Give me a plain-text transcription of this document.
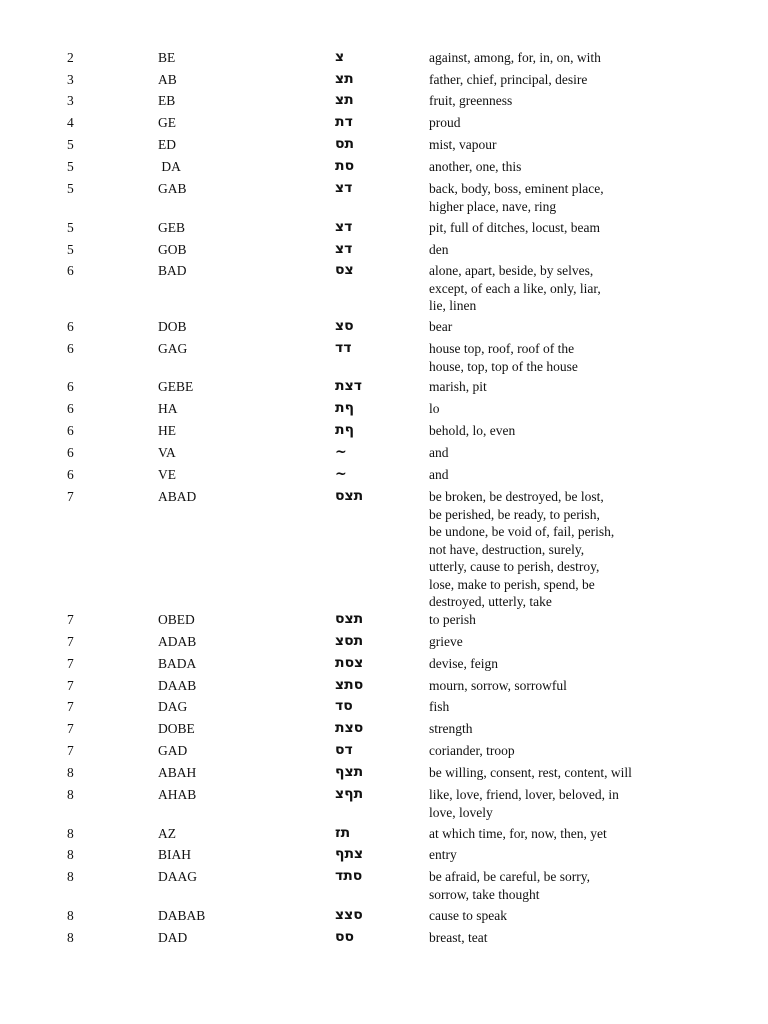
2	BE	צ	against, among, for, in, on, with
3	AB	תצ	father, chief, principal, desire
3	EB	תצ	fruit, greenness
4	GE	דת	proud
5	ED	תס	mist, vapour
5	DA	סת	another, one, this
5	GAB	דצ	back, body, boss, eminent place,
higher place, nave, ring
5	GEB	דצ	pit, full of ditches, locust, beam
5	GOB	דצ	den
6	BAD	צס	alone, apart, beside, by selves,
except, of each a like, only, liar,
lie, linen
6	DOB	סצ	bear
6	GAG	דד	house top, roof, roof of the
house, top, top of the house
6	GEBE	דצת	marish, pit
6	HA	ףת	lo
6	HE	ףת	behold, lo, even
6	VA	~	and
6	VE	~	and
7	ABAD	תצס	be broken, be destroyed, be lost,
be perished, be ready, to perish,
be undone, be void of, fail, perish,
not have, destruction, surely,
utterly, cause to perish, destroy,
lose, make to perish, spend, be
destroyed, utterly, take
7	OBED	תצס	to perish
7	ADAB	תסצ	grieve
7	BADA	צסת	devise, feign
7	DAAB	סתצ	mourn, sorrow, sorrowful
7	DAG	סד	fish
7	DOBE	סצת	strength
7	GAD	דס	coriander, troop
8	ABAH	תצף	be willing, consent, rest, content, will
8	AHAB	תףצ	like, love, friend, lover, beloved, in
love, lovely
8	AZ	תז	at which time, for, now, then, yet
8	BIAH	צתף	entry
8	DAAG	סתד	be afraid, be careful, be sorry,
sorrow, take thought
8	DABAB	סצצ	cause to speak
8	DAD	סס	breast, teat
